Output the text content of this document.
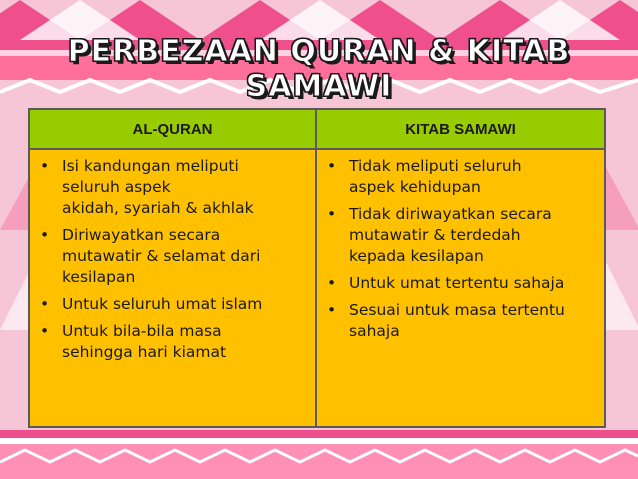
PERBEZAAN QURAN & KITAB SAMAWI
AL-QURAN	KITAB SAMAWI
• Isi kandungan meliputi
seluruh aspek
akidah, syariah & akhlak
• Diriwayatkan secara
mutawatir & selamat dari
kesilapan
• Untuk seluruh umat islam
• Untuk bila-bila masa
sehingga hari kiamat
• Tidak meliputi seluruh
aspek kehidupan
• Tidak diriwayatkan secara
mutawatir & terdedah
kepada kesilapan
• Untuk umat tertentu sahaja
• Sesuai untuk masa tertentu
sahaja
